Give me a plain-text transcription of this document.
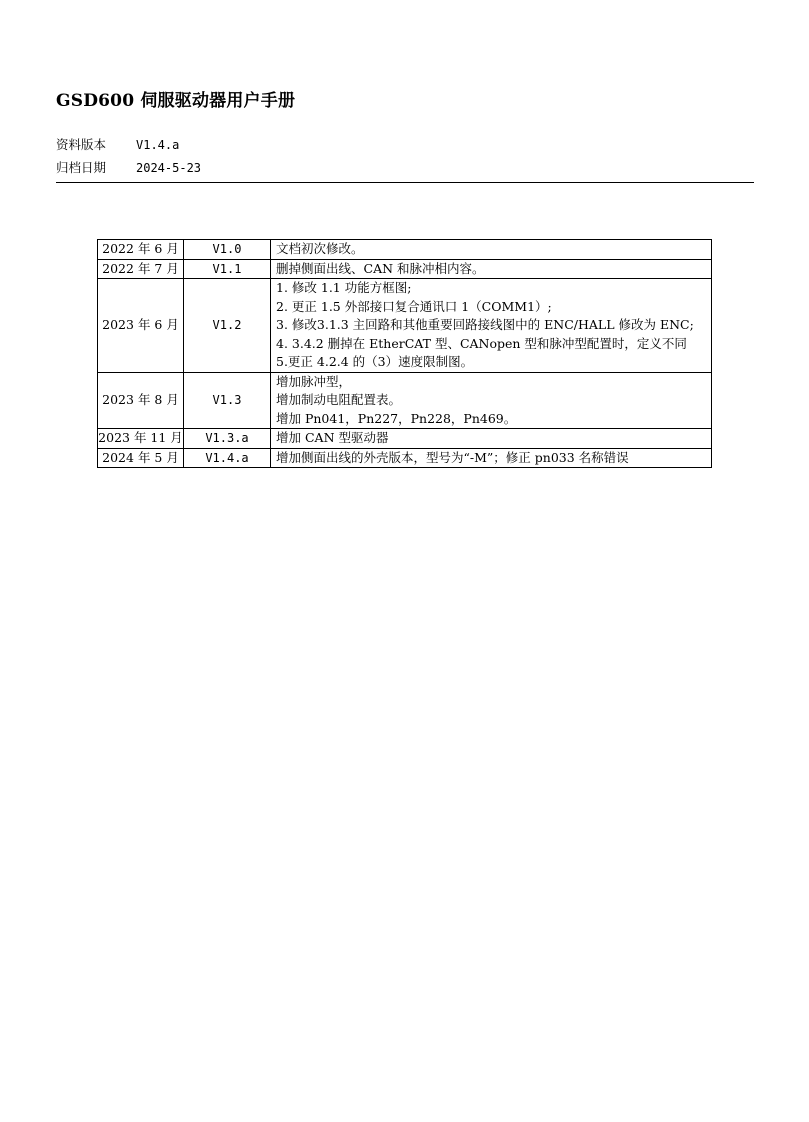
GSD600 伺服驱动器用户手册
资料版本 V1.4.a
归档日期 2024-5-23
2022 年 6 月	V1.0	文档初次修改。

2022 年 7 月	V1.1	删掉侧面出线、CAN 和脉冲相内容。

2023 年 6 月	V1.2	1. 修改 1.1 功能方框图;
2. 更正 1.5 外部接口复合通讯口 1（COMM1）;
3. 修改3.1.3 主回路和其他重要回路接线图中的 ENC/HALL 修改为 ENC;
4. 3.4.2 删掉在 EtherCAT 型、CANopen 型和脉冲型配置时，定义不同
5.更正 4.2.4 的（3）速度限制图。

2023 年 8 月	V1.3	增加脉冲型，
增加制动电阻配置表。
增加 Pn041，Pn227，Pn228，Pn469。

2023 年 11 月	V1.3.a	增加 CAN 型驱动器

2024 年 5 月	V1.4.a	增加侧面出线的外壳版本，型号为“-M”；修正 pn033 名称错误
